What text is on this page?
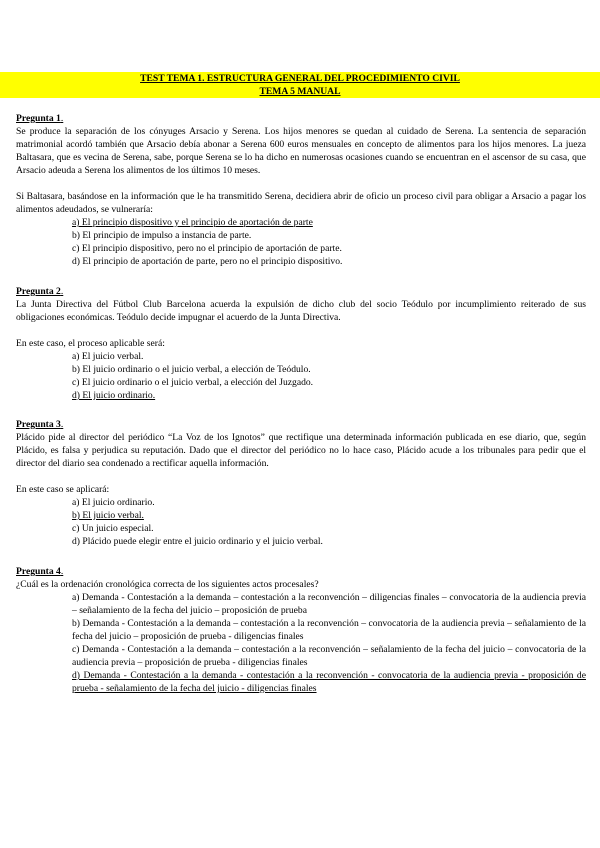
TEST TEMA 1. ESTRUCTURA GENERAL DEL PROCEDIMIENTO CIVIL
TEMA 5 MANUAL
Pregunta 1.
Se produce la separación de los cónyuges Arsacio y Serena. Los hijos menores se quedan al cuidado de Serena. La sentencia de separación matrimonial acordó también que Arsacio debía abonar a Serena 600 euros mensuales en concepto de alimentos para los hijos menores. La jueza Baltasara, que es vecina de Serena, sabe, porque Serena se lo ha dicho en numerosas ocasiones cuando se encuentran en el ascensor de su casa, que Arsacio adeuda a Serena los alimentos de los últimos 10 meses.
Si Baltasara, basándose en la información que le ha transmitido Serena, decidiera abrir de oficio un proceso civil para obligar a Arsacio a pagar los alimentos adeudados, se vulneraría:
a) El principio dispositivo y el principio de aportación de parte
b) El principio de impulso a instancia de parte.
c) El principio dispositivo, pero no el principio de aportación de parte.
d) El principio de aportación de parte, pero no el principio dispositivo.
Pregunta 2.
La Junta Directiva del Fútbol Club Barcelona acuerda la expulsión de dicho club del socio Teódulo por incumplimiento reiterado de sus obligaciones económicas. Teódulo decide impugnar el acuerdo de la Junta Directiva.
En este caso, el proceso aplicable será:
a) El juicio verbal.
b) El juicio ordinario o el juicio verbal, a elección de Teódulo.
c) El juicio ordinario o el juicio verbal, a elección del Juzgado.
d) El juicio ordinario.
Pregunta 3.
Plácido pide al director del periódico “La Voz de los Ignotos” que rectifique una determinada información publicada en ese diario, que, según Plácido, es falsa y perjudica su reputación. Dado que el director del periódico no lo hace caso, Plácido acude a los tribunales para pedir que el director del diario sea condenado a rectificar aquella información.
En este caso se aplicará:
a) El juicio ordinario.
b) El juicio verbal.
c) Un juicio especial.
d) Plácido puede elegir entre el juicio ordinario y el juicio verbal.
Pregunta 4.
¿Cuál es la ordenación cronológica correcta de los siguientes actos procesales?
a) Demanda - Contestación a la demanda – contestación a la reconvención – diligencias finales – convocatoria de la audiencia previa – señalamiento de la fecha del juicio – proposición de prueba
b) Demanda - Contestación a la demanda – contestación a la reconvención – convocatoria de la audiencia previa – señalamiento de la fecha del juicio – proposición de prueba - diligencias finales
c) Demanda - Contestación a la demanda – contestación a la reconvención – señalamiento de la fecha del juicio – convocatoria de la audiencia previa – proposición de prueba - diligencias finales
d) Demanda - Contestación a la demanda - contestación a la reconvención - convocatoria de la audiencia previa - proposición de prueba - señalamiento de la fecha del juicio - diligencias finales
